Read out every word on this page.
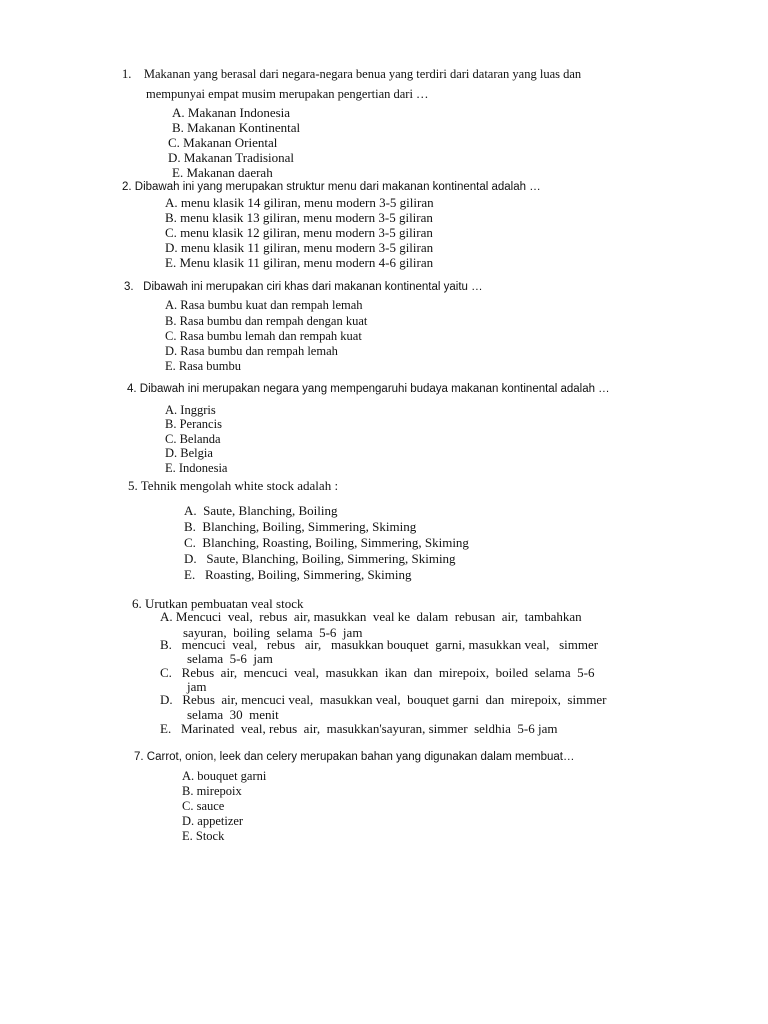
1.    Makanan yang berasal dari negara-negara benua yang terdiri dari dataran yang luas dan
mempunyai empat musim merupakan pengertian dari …
A. Makanan Indonesia
B. Makanan Kontinental
C. Makanan Oriental
D. Makanan Tradisional
E. Makanan daerah
2. Dibawah ini yang merupakan struktur menu dari makanan kontinental adalah …
A. menu klasik 14 giliran, menu modern 3-5 giliran
B. menu klasik 13 giliran, menu modern 3-5 giliran
C. menu klasik 12 giliran, menu modern 3-5 giliran
D. menu klasik 11 giliran, menu modern 3-5 giliran
E. Menu klasik 11 giliran, menu modern 4-6 giliran
3.   Dibawah ini merupakan ciri khas dari makanan kontinental yaitu …
A. Rasa bumbu kuat dan rempah lemah
B. Rasa bumbu dan rempah dengan kuat
C. Rasa bumbu lemah dan rempah kuat
D. Rasa bumbu dan rempah lemah
E. Rasa bumbu
4. Dibawah ini merupakan negara yang mempengaruhi budaya makanan kontinental adalah …
A. Inggris
B. Perancis
C. Belanda
D. Belgia
E. Indonesia
5. Tehnik mengolah white stock adalah :
A.  Saute, Blanching, Boiling
B.  Blanching, Boiling, Simmering, Skiming
C.  Blanching, Roasting, Boiling, Simmering, Skiming
D.   Saute, Blanching, Boiling, Simmering, Skiming
E.   Roasting, Boiling, Simmering, Skiming
6. Urutkan pembuatan veal stock
A. Mencuci  veal,  rebus  air, masukkan  veal ke  dalam  rebusan  air,  tambahkan
sayuran,  boiling  selama  5-6  jam
B.   mencuci  veal,   rebus   air,   masukkan bouquet  garni, masukkan veal,   simmer
selama  5-6  jam
C.   Rebus  air,  mencuci  veal,  masukkan  ikan  dan  mirepoix,  boiled  selama  5-6
jam
D.   Rebus  air, mencuci veal,  masukkan veal,  bouquet garni  dan  mirepoix,  simmer
selama  30  menit
E.   Marinated  veal, rebus  air,  masukkan'sayuran, simmer  seldhia  5-6 jam
7. Carrot, onion, leek dan celery merupakan bahan yang digunakan dalam membuat…
A. bouquet garni
B. mirepoix
C. sauce
D. appetizer
E. Stock
